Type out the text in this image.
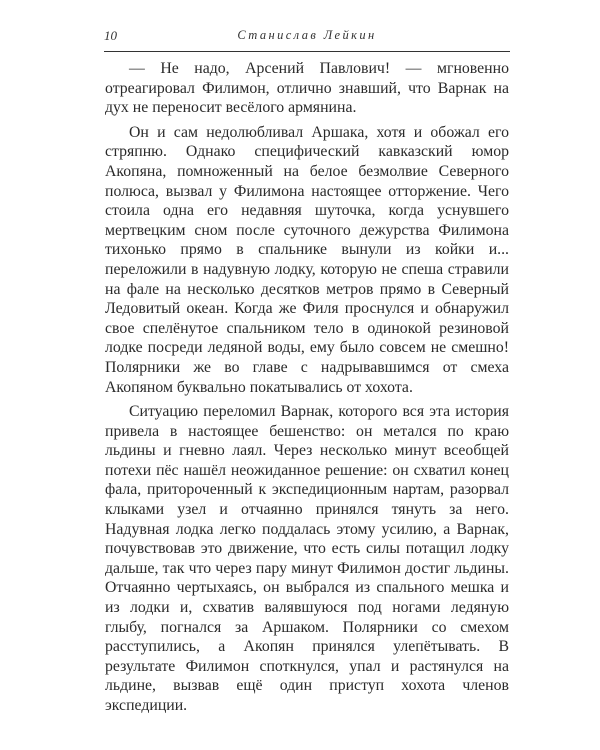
10	Станислав Лейкин

— Не надо, Арсений Павлович! — мгновенно отреагировал Филимон, отлично знавший, что Варнак на дух не переносит весёлого армянина.

Он и сам недолюбливал Аршака, хотя и обожал его стряпню. Однако специфический кавказский юмор Акопяна, помноженный на белое безмолвие Северного полюса, вызвал у Филимона настоящее отторжение. Чего стоила одна его недавняя шуточка, когда уснувшего мертвецким сном после суточного дежурства Филимона тихонько прямо в спальнике вынули из койки и... переложили в надувную лодку, которую не спеша стравили на фале на несколько десятков метров прямо в Северный Ледовитый океан. Когда же Филя проснулся и обнаружил свое спелёнутое спальником тело в одинокой резиновой лодке посреди ледяной воды, ему было совсем не смешно! Полярники же во главе с надрывавшимся от смеха Акопяном буквально покатывались от хохота.

Ситуацию переломил Варнак, которого вся эта история привела в настоящее бешенство: он метался по краю льдины и гневно лаял. Через несколько минут всеобщей потехи пёс нашёл неожиданное решение: он схватил конец фала, притороченный к экспедиционным нартам, разорвал клыками узел и отчаянно принялся тянуть за него. Надувная лодка легко поддалась этому усилию, а Варнак, почувствовав это движение, что есть силы потащил лодку дальше, так что через пару минут Филимон достиг льдины. Отчаянно чертыхаясь, он выбрался из спального мешка и из лодки и, схватив валявшуюся под ногами ледяную глыбу, погнался за Аршаком. Полярники со смехом расступились, а Акопян принялся улепётывать. В результате Филимон споткнулся, упал и растянулся на льдине, вызвав ещё один приступ хохота членов экспедиции.
